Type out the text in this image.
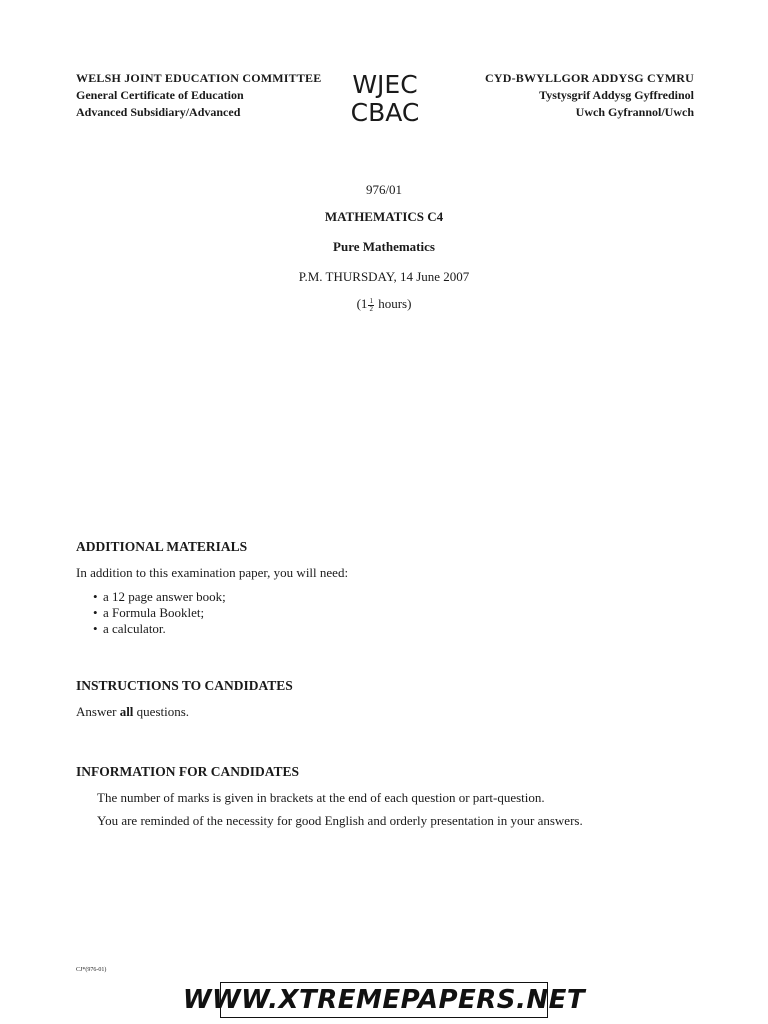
WELSH JOINT EDUCATION COMMITTEE
General Certificate of Education
Advanced Subsidiary/Advanced
WJEC
CBAC
CYD-BWYLLGOR ADDYSG CYMRU
Tystysgrif Addysg Gyffredinol
Uwch Gyfrannol/Uwch
976/01
MATHEMATICS C4
Pure Mathematics
P.M. THURSDAY, 14 June 2007
($1 \frac{1}{2}$ hours)
ADDITIONAL MATERIALS
In addition to this examination paper, you will need:
• a 12 page answer book;
• a Formula Booklet;
• a calculator.
INSTRUCTIONS TO CANDIDATES
Answer all questions.
INFORMATION FOR CANDIDATES
The number of marks is given in brackets at the end of each question or part-question.
You are reminded of the necessity for good English and orderly presentation in your answers.
CJ*(976-01)
WWW.XTREMEPAPERS.NET
